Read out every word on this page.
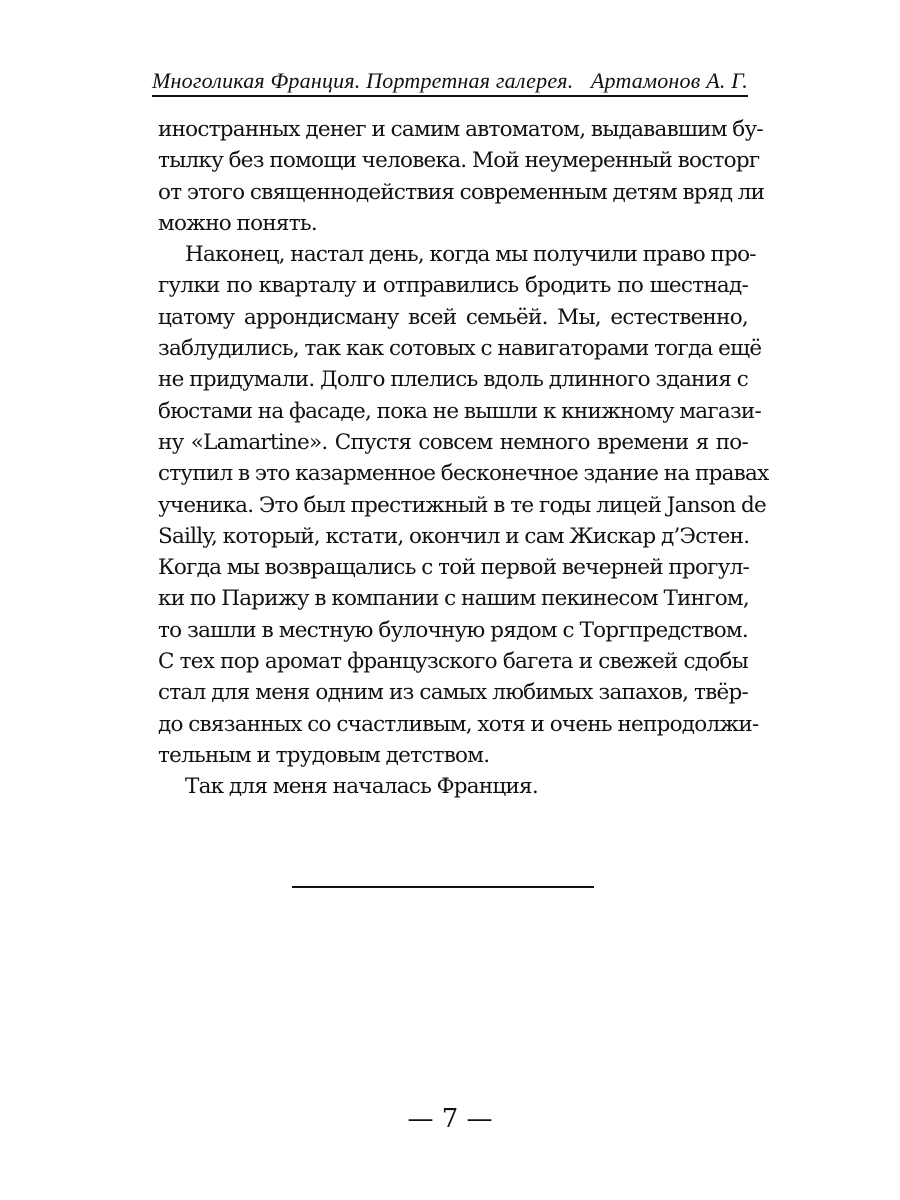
Многоликая Франция. Портретная галерея. Артамонов А. Г.

иностранных денег и самим автоматом, выдававшим бу-
тылку без помощи человека. Мой неумеренный восторг
от этого священнодействия современным детям вряд ли
можно понять.

Наконец, настал день, когда мы получили право про-
гулки по кварталу и отправились бродить по шестнад-
цатому аррондисману всей семьёй. Мы, естественно,
заблудились, так как сотовых с навигаторами тогда ещё
не придумали. Долго плелись вдоль длинного здания с
бюстами на фасаде, пока не вышли к книжному магази-
ну «Lamartine». Спустя совсем немного времени я по-
ступил в это казарменное бесконечное здание на правах
ученика. Это был престижный в те годы лицей Janson de
Sailly, который, кстати, окончил и сам Жискар д’Эстен.
Когда мы возвращались с той первой вечерней прогул-
ки по Парижу в компании с нашим пекинесом Тингом,
то зашли в местную булочную рядом с Торгпредством.
С тех пор аромат французского багета и свежей сдобы
стал для меня одним из самых любимых запахов, твёр-
до связанных со счастливым, хотя и очень непродолжи-
тельным и трудовым детством.

Так для меня началась Франция.

— 7 —
